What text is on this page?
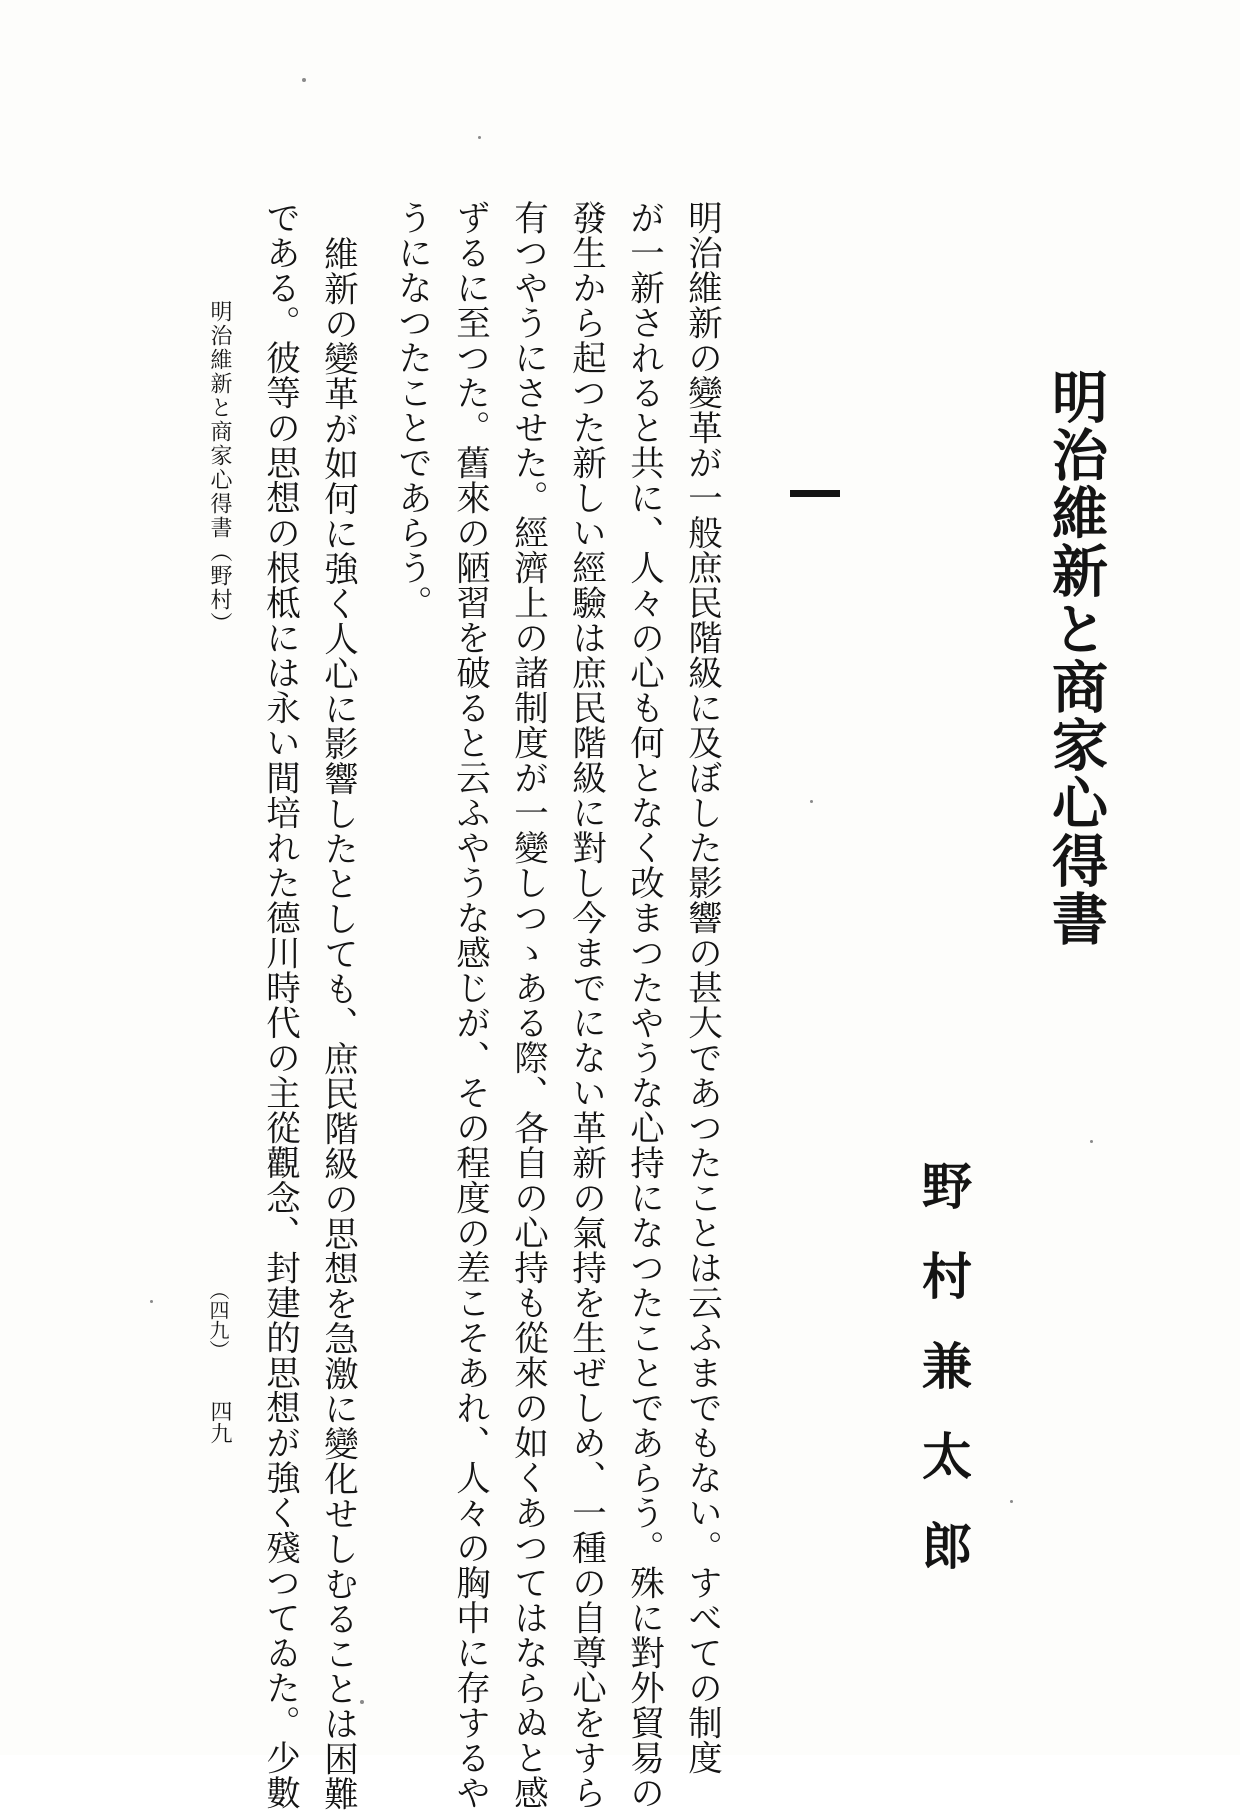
明治維新と商家心得書
野村兼太郎
明治維新の變革が一般庶民階級に及ぼした影響の甚大であつたことは云ふまでもない。すべての制度
が一新されると共に、人々の心も何となく改まつたやうな心持になつたことであらう。殊に對外貿易の
發生から起つた新しい經驗は庶民階級に對し今までにない革新の氣持を生ぜしめ、一種の自尊心をすら
有つやうにさせた。經濟上の諸制度が一變しつゝある際、各自の心持も從來の如くあつてはならぬと感
ずるに至つた。舊來の陋習を破ると云ふやうな感じが、その程度の差こそあれ、人々の胸中に存するや
うになつたことであらう。
維新の變革が如何に強く人心に影響したとしても、庶民階級の思想を急激に變化せしむることは困難
である。彼等の思想の根柢には永い間培れた德川時代の主從觀念、封建的思想が強く殘つてゐた。少數
明治維新と商家心得書（野村）
（四九）
四九
